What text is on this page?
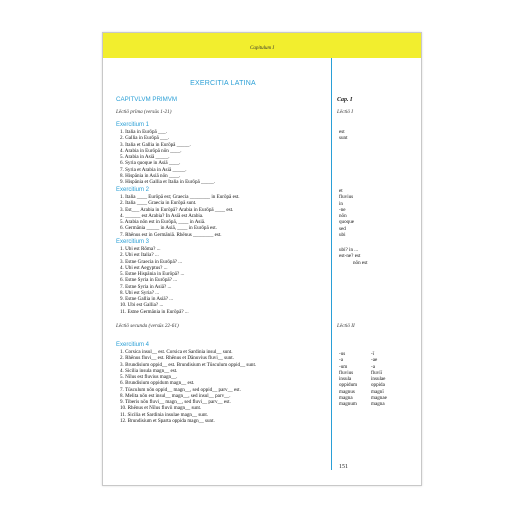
Capitulum I
EXERCITIA LATINA
CAPITVLVM PRIMVM	Cap. I
Lēctiō prīma (versūs 1-21)	Lēctiō I
Exercitium 1
1. Italia in Eurōpā ___.
2. Gallia in Eurōpā ___.
3. Italia et Gallia in Eurōpā _____.
4. Arabia in Eurōpā nōn ____.
5. Arabia in Asiā _____.
6. Syria quoque in Asiā ____.
7. Syria et Arabia in Asiā _____.
8. Hispānia in Asiā nōn ____.
9. Hispānia et Gallia et Italia in Eurōpā _____.
est
sunt
Exercitium 2
1. Italia ____ Eurōpā est; Graecia ________ in Eurōpā est.
2. Italia ____ Graecia in Eurōpā sunt.
3. Est___ Arabia in Eurōpā? Arabia in Eurōpā ____ est.
4. ______ est Arabia? In Asiā est Arabia.
5. Arabia nōn est in Eurōpā, ____ in Asiā.
6. Germānia _____ in Asiā, ____ in Eurōpā est.
7. Rhēnus est in Germāniā. Rhēnus ________ est.
et
fluvius
in
-ne
nōn
quoque
sed
ubi
Exercitium 3
1. Ubi est Rōma? ...
2. Ubi est Italia? ...
3. Estne Graecia in Eurōpā? ...
4. Ubi est Aegyptus? ...
5. Estne Hispānia in Eurōpā? ...
6. Estne Syria in Eurōpā? ...
7. Estne Syria in Asiā? ...
8. Ubi est Syria? ...
9. Estne Gallia in Asiā? ...
10. Ubi est Gallia? ...
11. Estne Germānia in Eurōpā? ...
ubi? in ...
est-ne? est
nōn est
Lēctiō secunda (versūs 22-61)	Lēctiō II
Exercitium 4
1. Corsica insul__ est. Corsica et Sardinia insul__ sunt.
2. Rhēnus fluvi__ est. Rhēnus et Dānuvius fluvi__ sunt.
3. Brundisium oppid__ est. Brundisium et Tūsculum oppid__ sunt.
4. Sicilia insula magn__ est.
5. Nīlus est fluvius magn__.
6. Brundisium oppidum magn__ est.
7. Tūsculum nōn oppid__ magn__, sed oppid__ parv__ est.
8. Melita nōn est insul__ magn__, sed insul__ parv__.
9. Tiberis nōn fluvi__ magn__, sed fluvi__ parv__ est.
10. Rhēnus et Nīlus fluvii magn__ sunt.
11. Sicilia et Sardinia insulae magn__ sunt.
12. Brundisium et Sparta oppida magn__ sunt.
-us	-ī
-a	-ae
-um	-a
fluvius	fluviī
insula	insulae
oppidum	oppida
magnus	magnī
magna	magnae
magnum	magna
151
